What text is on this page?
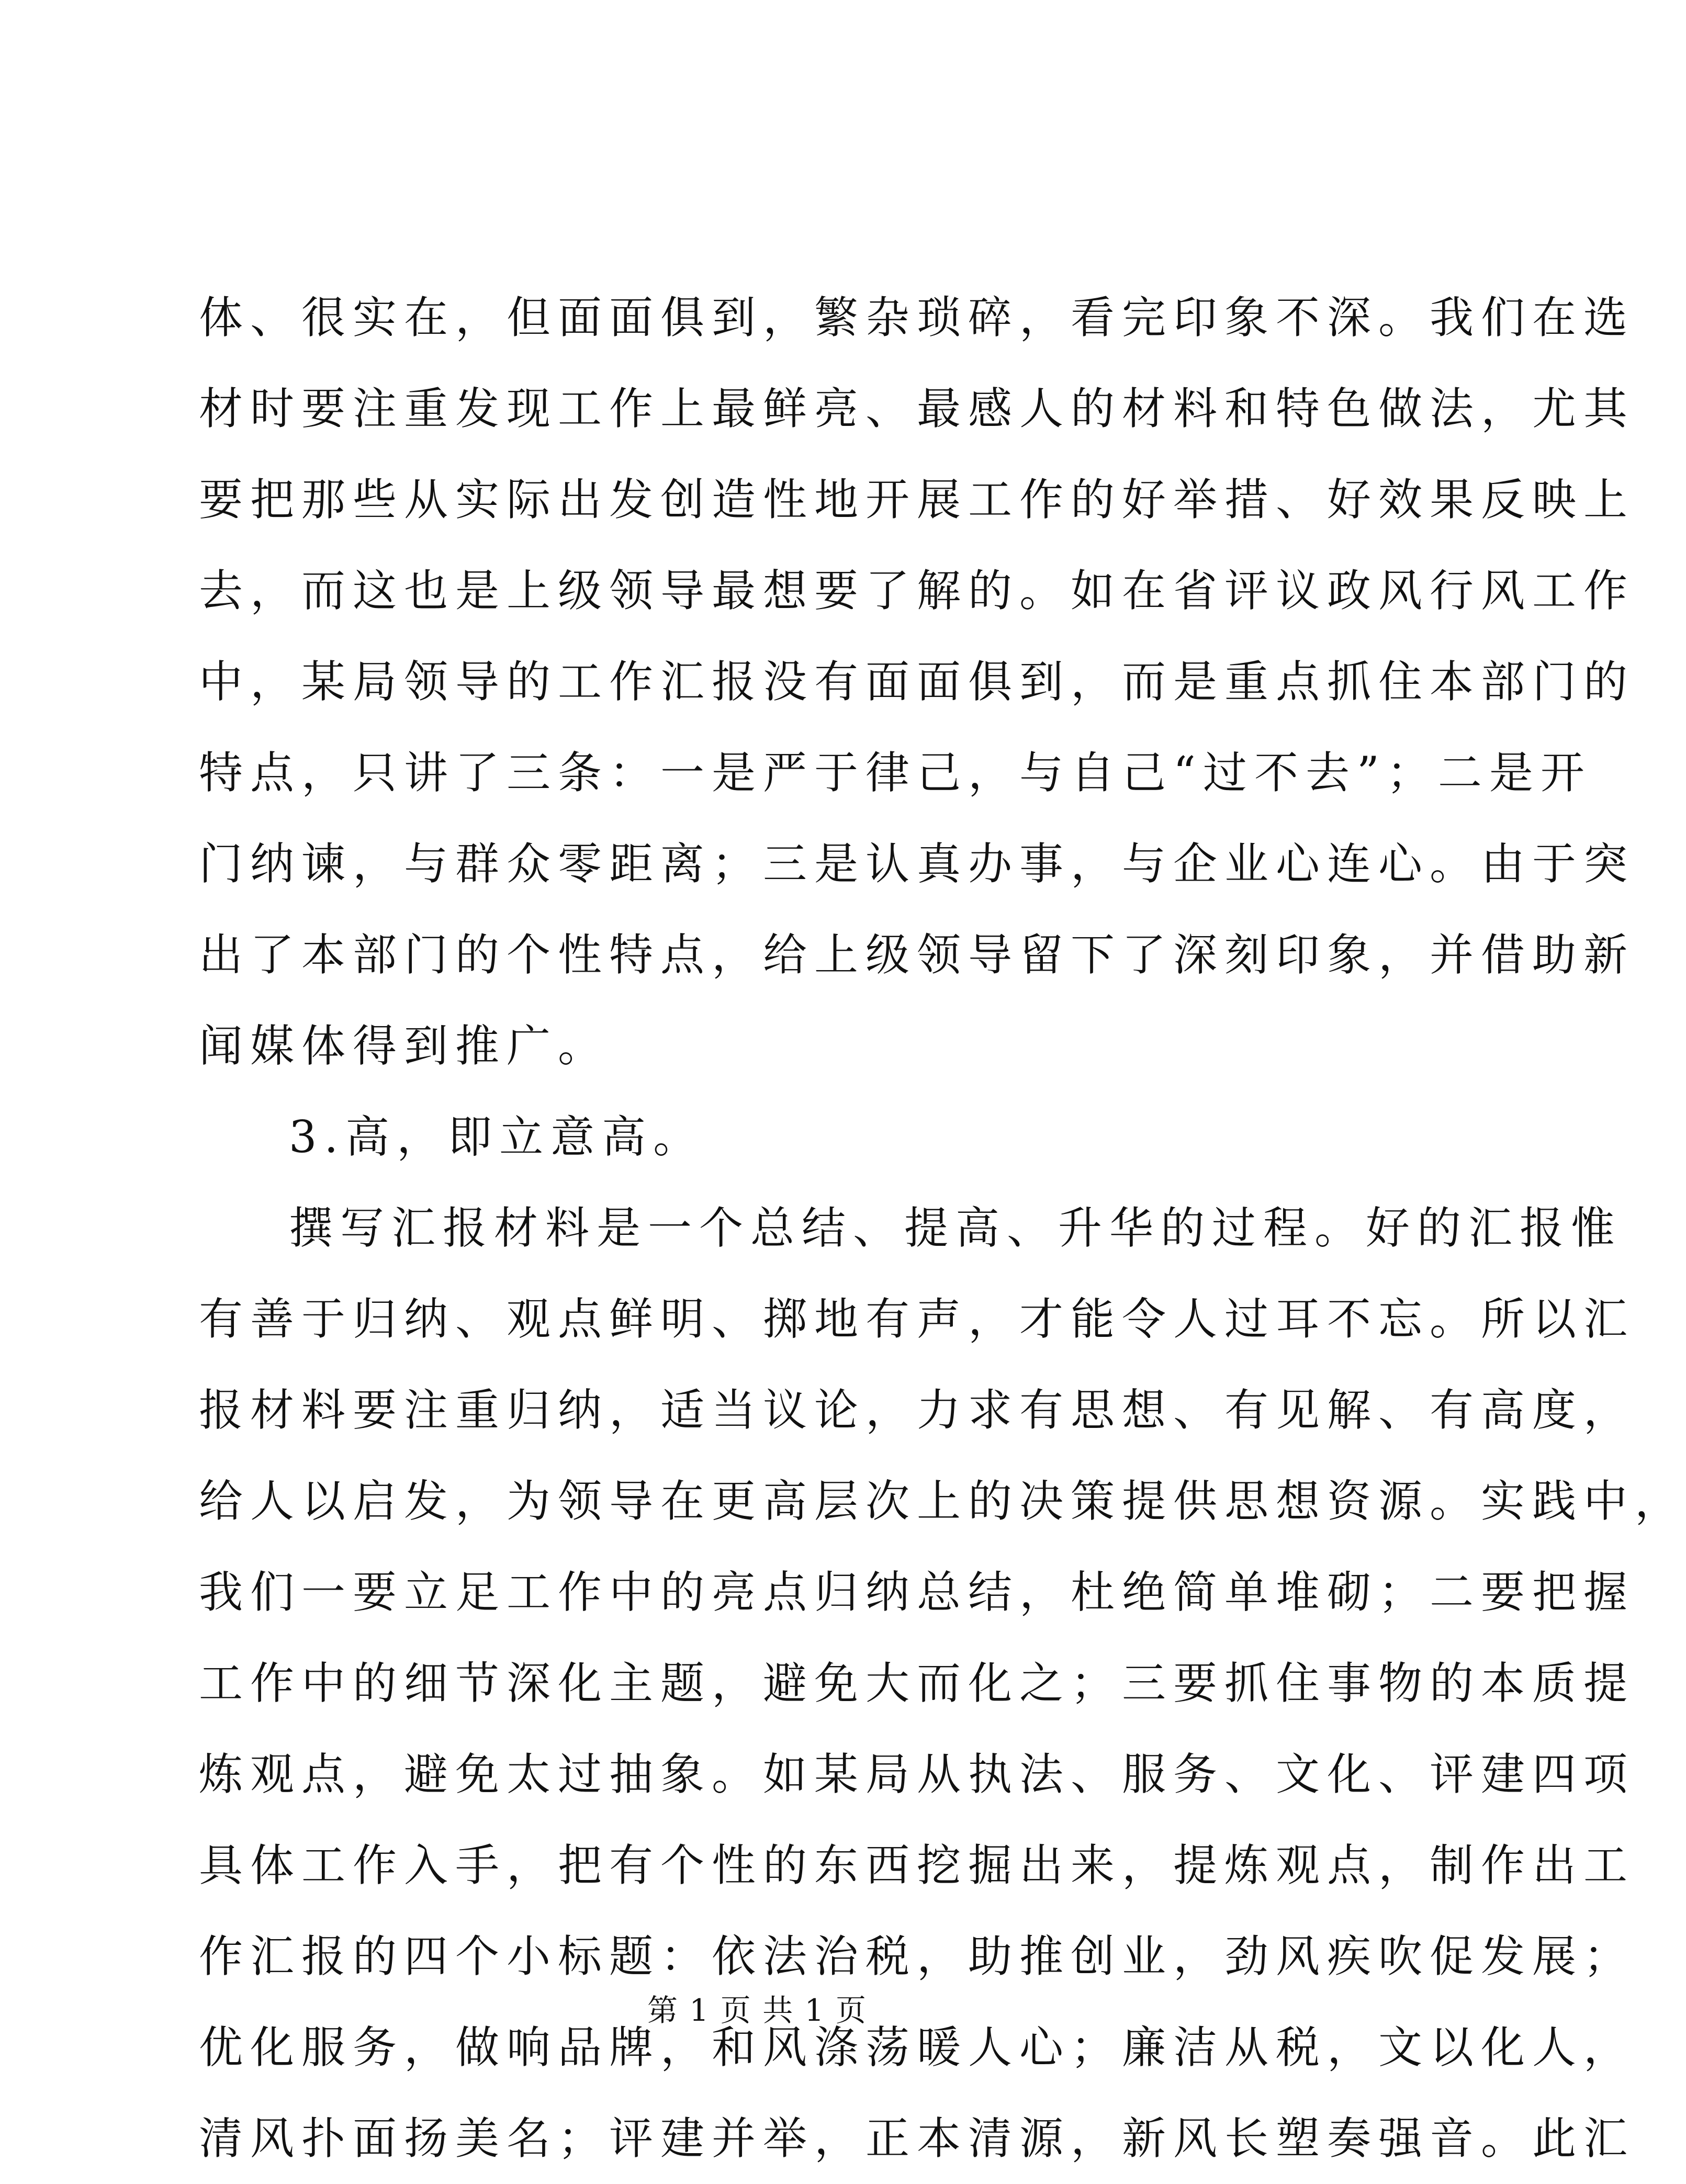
体、很实在，但面面俱到，繁杂琐碎，看完印象不深。我们在选
材时要注重发现工作上最鲜亮、最感人的材料和特色做法，尤其
要把那些从实际出发创造性地开展工作的好举措、好效果反映上
去，而这也是上级领导最想要了解的。如在省评议政风行风工作
中，某局领导的工作汇报没有面面俱到，而是重点抓住本部门的
特点，只讲了三条：一是严于律己，与自己“过不去”；二是开
门纳谏，与群众零距离；三是认真办事，与企业心连心。由于突
出了本部门的个性特点，给上级领导留下了深刻印象，并借助新
闻媒体得到推广。
3.高，即立意高。
撰写汇报材料是一个总结、提高、升华的过程。好的汇报惟
有善于归纳、观点鲜明、掷地有声，才能令人过耳不忘。所以汇
报材料要注重归纳，适当议论，力求有思想、有见解、有高度，
给人以启发，为领导在更高层次上的决策提供思想资源。实践中，
我们一要立足工作中的亮点归纳总结，杜绝简单堆砌；二要把握
工作中的细节深化主题，避免大而化之；三要抓住事物的本质提
炼观点，避免太过抽象。如某局从执法、服务、文化、评建四项
具体工作入手，把有个性的东西挖掘出来，提炼观点，制作出工
作汇报的四个小标题：依法治税，助推创业，劲风疾吹促发展；
优化服务，做响品牌，和风涤荡暖人心；廉洁从税，文以化人，
清风扑面扬美名；评建并举，正本清源，新风长塑奏强音。此汇
第 1 页 共 1 页
